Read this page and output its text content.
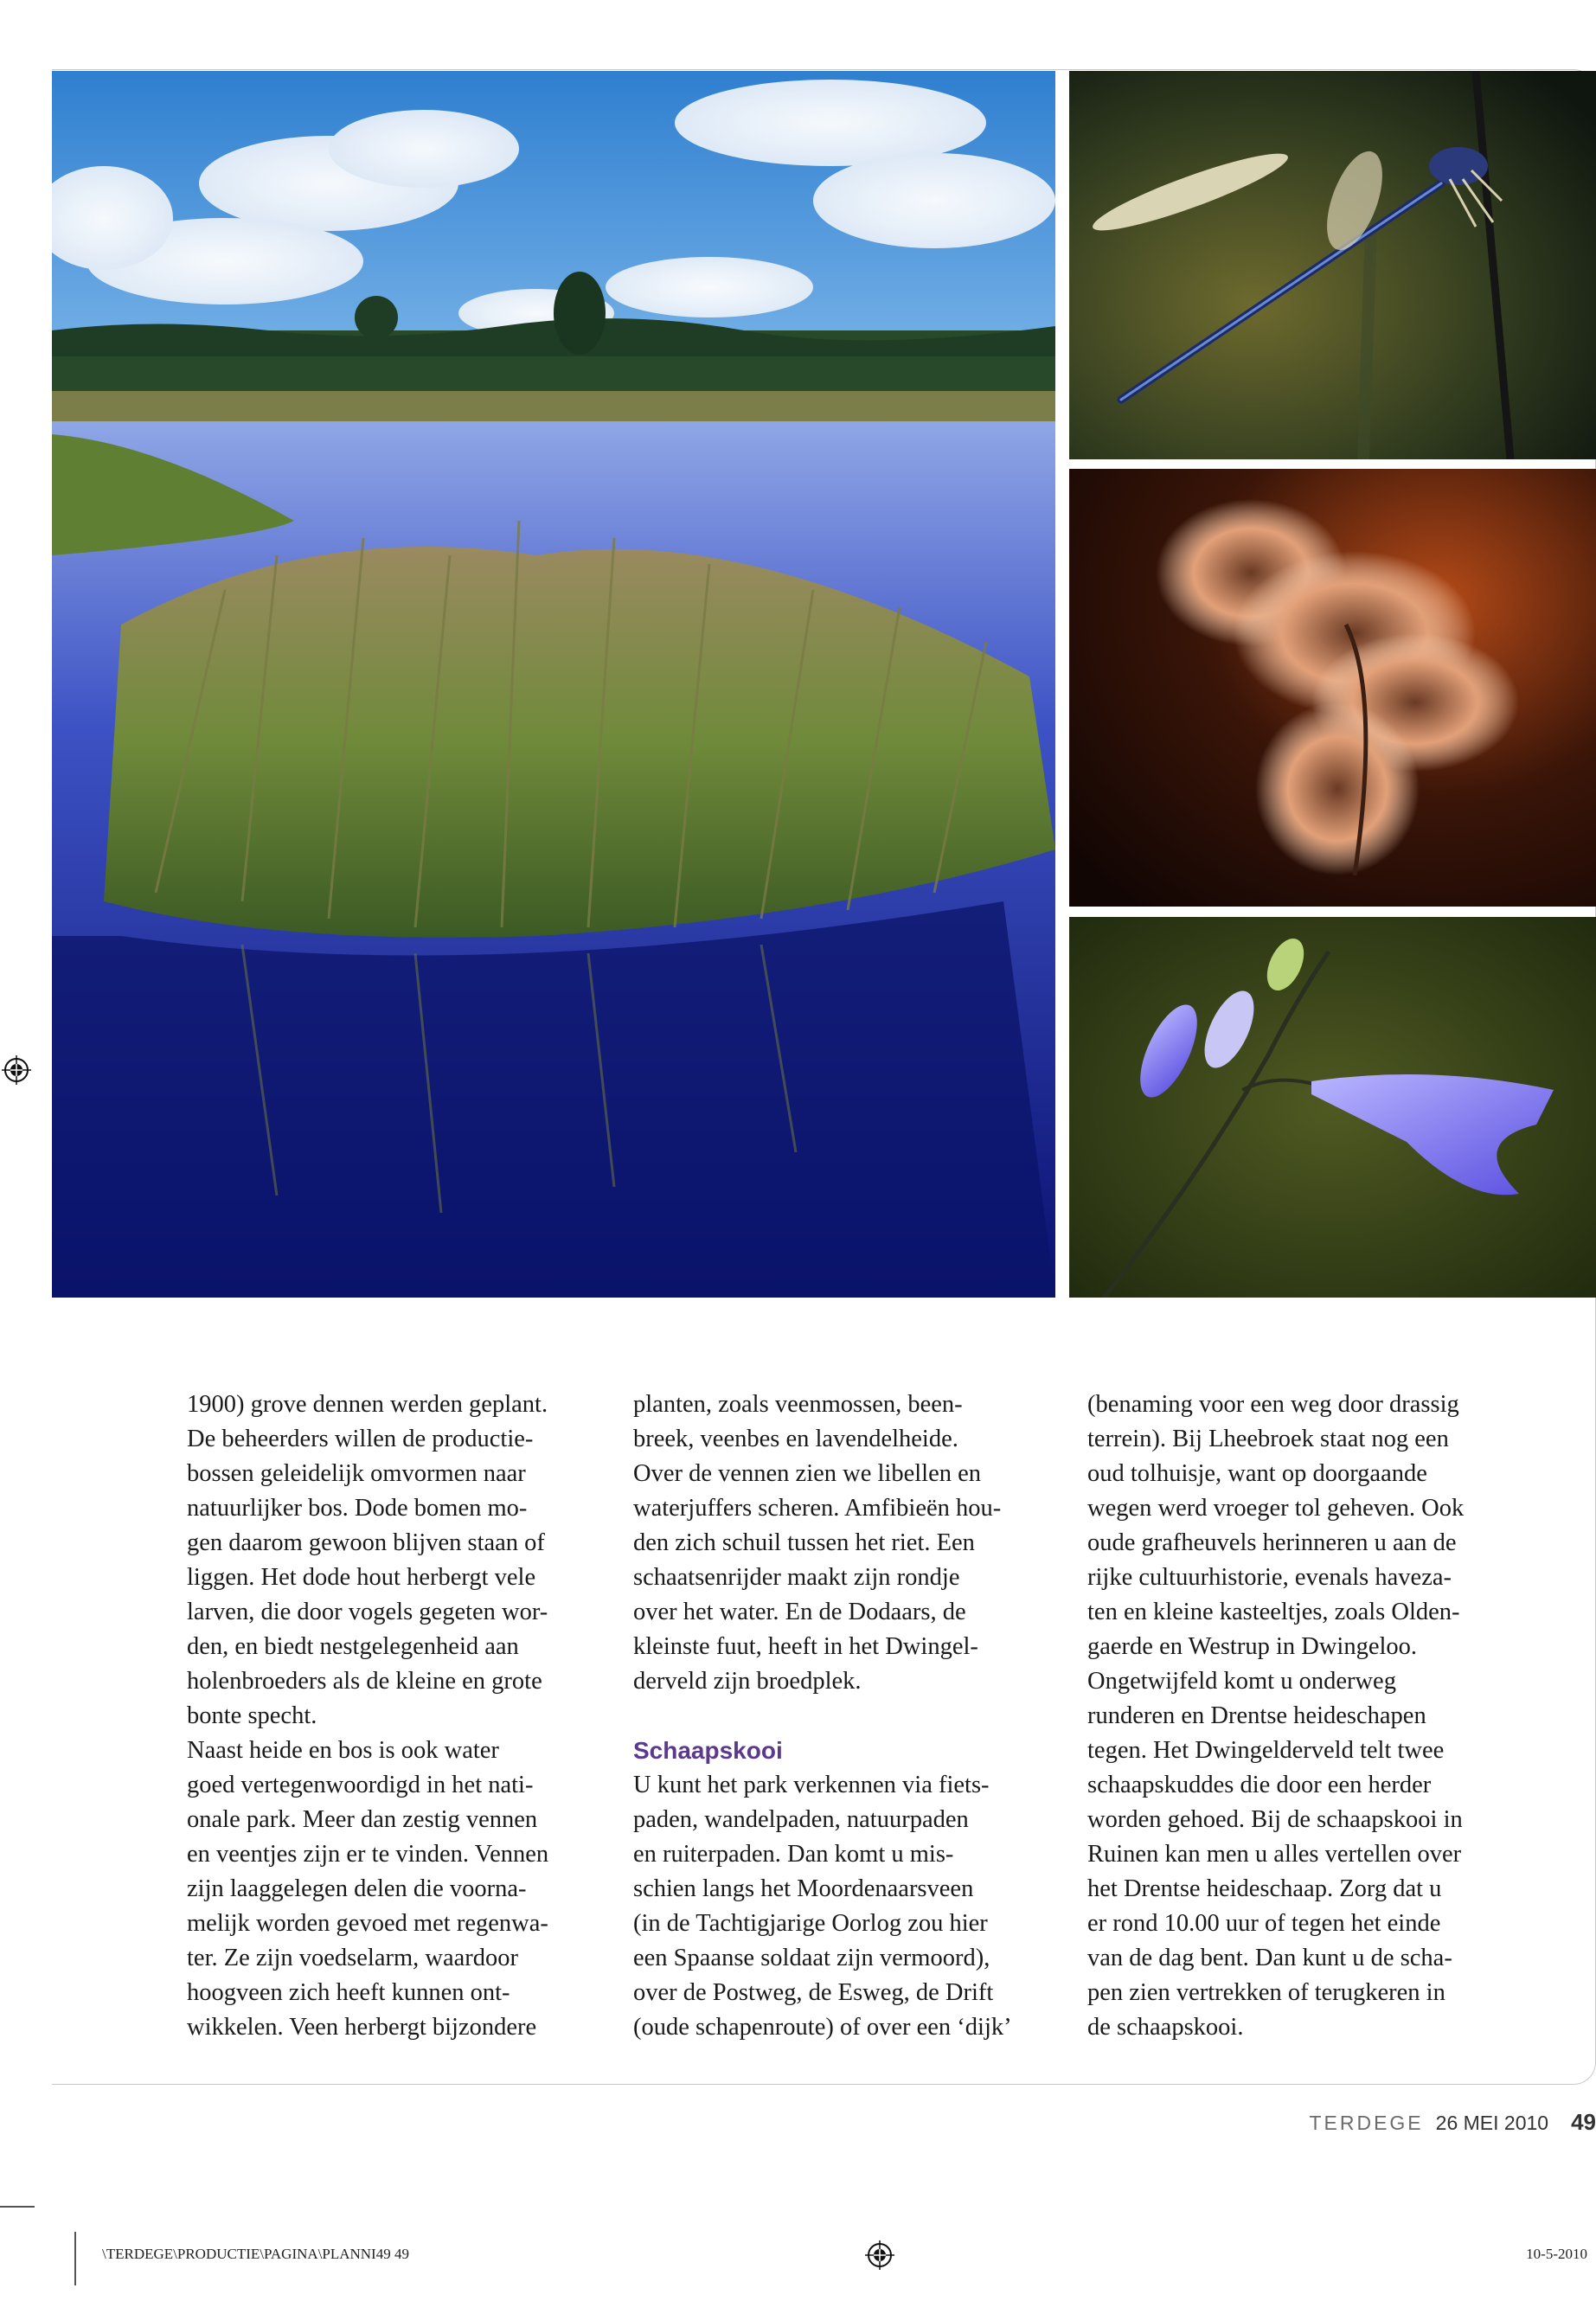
1900) grove dennen werden geplant.

De beheerders willen de productie-

bossen geleidelijk omvormen naar

natuurlijker bos. Dode bomen mo-

gen daarom gewoon blijven staan of

liggen. Het dode hout herbergt vele

larven, die door vogels gegeten wor-

den, en biedt nestgelegenheid aan

holenbroeders als de kleine en grote

bonte specht.

Naast heide en bos is ook water

goed vertegenwoordigd in het nati-

onale park. Meer dan zestig vennen

en veentjes zijn er te vinden. Vennen

zijn laaggelegen delen die voorna-

melijk worden gevoed met regenwa-

ter. Ze zijn voedselarm, waardoor

hoogveen zich heeft kunnen ont-

wikkelen. Veen herbergt bijzondere

planten, zoals veenmossen, been-

breek, veenbes en lavendelheide.

Over de vennen zien we libellen en

waterjuffers scheren. Amfibieën hou-

den zich schuil tussen het riet. Een

schaatsenrijder maakt zijn rondje

over het water. En de Dodaars, de

kleinste fuut, heeft in het Dwingel-

derveld zijn broedplek.

Schaapskooi

U kunt het park verkennen via fiets-

paden, wandelpaden, natuurpaden

en ruiterpaden. Dan komt u mis-

schien langs het Moordenaarsveen

(in de Tachtigjarige Oorlog zou hier

een Spaanse soldaat zijn vermoord),

over de Postweg, de Esweg, de Drift

(oude schapenroute) of over een ‘dijk’

(benaming voor een weg door drassig

terrein). Bij Lheebroek staat nog een

oud tolhuisje, want op doorgaande

wegen werd vroeger tol geheven. Ook

oude grafheuvels herinneren u aan de

rijke cultuurhistorie, evenals haveza-

ten en kleine kasteeltjes, zoals Olden-

gaerde en Westrup in Dwingeloo.

Ongetwijfeld komt u onderweg

runderen en Drentse heideschapen

tegen. Het Dwingelderveld telt twee

schaapskuddes die door een herder

worden gehoed. Bij de schaapskooi in

Ruinen kan men u alles vertellen over

het Drentse heideschaap. Zorg dat u

er rond 10.00 uur of tegen het einde

van de dag bent. Dan kunt u de scha-

pen zien vertrekken of terugkeren in

de schaapskooi.

TERDEGE 26 MEI 2010 49
\TERDEGE\PRODUCTIE\PAGINA\PLANNI49 49	10-5-2010
